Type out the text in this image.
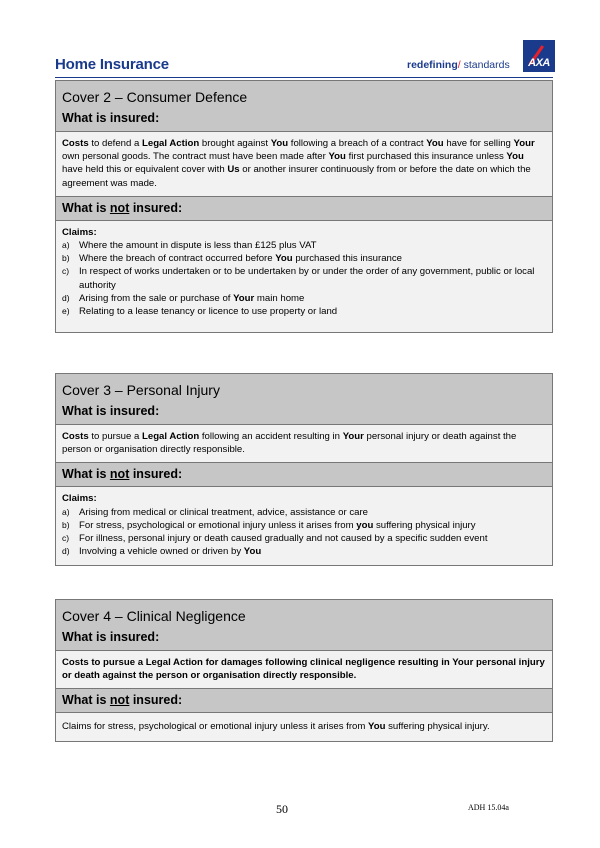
Home Insurance	redefining/ standards	AXA
Cover 2 – Consumer Defence
What is insured:
Costs to defend a Legal Action brought against You following a breach of a contract You have for selling Your own personal goods. The contract must have been made after You first purchased this insurance unless You have held this or equivalent cover with Us or another insurer continuously from or before the date on which the agreement was made.
What is not insured:
Claims:
a) Where the amount in dispute is less than £125 plus VAT
b) Where the breach of contract occurred before You purchased this insurance
c) In respect of works undertaken or to be undertaken by or under the order of any government, public or local authority
d) Arising from the sale or purchase of Your main home
e) Relating to a lease tenancy or licence to use property or land
Cover 3 – Personal Injury
What is insured:
Costs to pursue a Legal Action following an accident resulting in Your personal injury or death against the person or organisation directly responsible.
What is not insured:
Claims:
a) Arising from medical or clinical treatment, advice, assistance or care
b) For stress, psychological or emotional injury unless it arises from you suffering physical injury
c) For illness, personal injury or death caused gradually and not caused by a specific sudden event
d) Involving a vehicle owned or driven by You
Cover 4 – Clinical Negligence
What is insured:
Costs to pursue a Legal Action for damages following clinical negligence resulting in Your personal injury or death against the person or organisation directly responsible.
What is not insured:
Claims for stress, psychological or emotional injury unless it arises from You suffering physical injury.
50	ADH 15.04a
